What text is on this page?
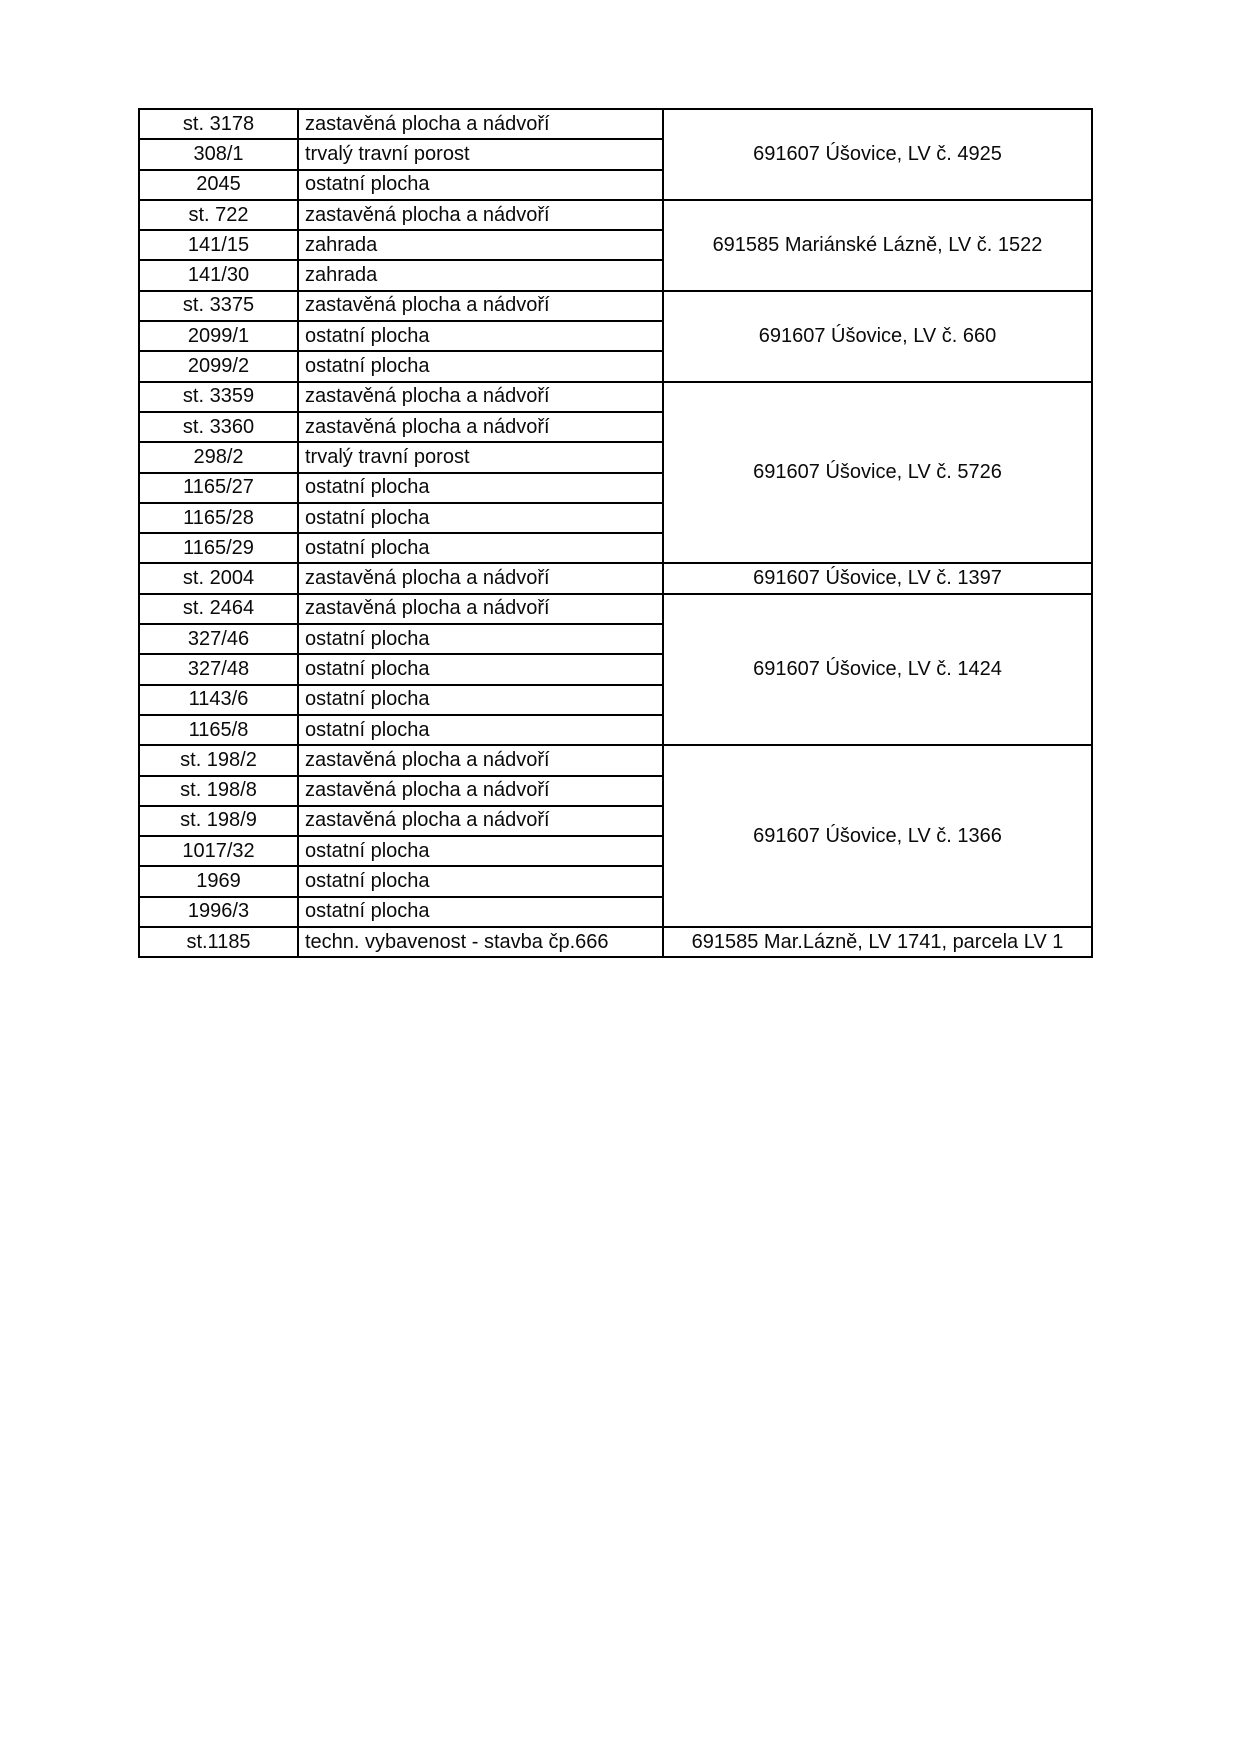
st. 3178	zastavěná plocha a nádvoří	691607 Úšovice, LV č. 4925
308/1	trvalý travní porost	
2045	ostatní plocha	
st. 722	zastavěná plocha a nádvoří	691585 Mariánské Lázně, LV č. 1522
141/15	zahrada	
141/30	zahrada	
st. 3375	zastavěná plocha a nádvoří	691607 Úšovice, LV č. 660
2099/1	ostatní plocha	
2099/2	ostatní plocha	
st. 3359	zastavěná plocha a nádvoří	691607 Úšovice, LV č. 5726
st. 3360	zastavěná plocha a nádvoří	
298/2	trvalý travní porost	
1165/27	ostatní plocha	
1165/28	ostatní plocha	
1165/29	ostatní plocha	
st. 2004	zastavěná plocha a nádvoří	691607 Úšovice, LV č. 1397
st. 2464	zastavěná plocha a nádvoří	691607 Úšovice, LV č. 1424
327/46	ostatní plocha	
327/48	ostatní plocha	
1143/6	ostatní plocha	
1165/8	ostatní plocha	
st. 198/2	zastavěná plocha a nádvoří	691607 Úšovice, LV č. 1366
st. 198/8	zastavěná plocha a nádvoří	
st. 198/9	zastavěná plocha a nádvoří	
1017/32	ostatní plocha	
1969	ostatní plocha	
1996/3	ostatní plocha	
st.1185	techn. vybavenost - stavba čp.666	691585 Mar.Lázně, LV 1741, parcela LV 1
